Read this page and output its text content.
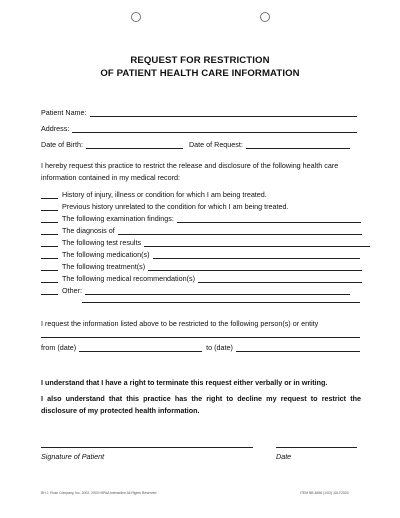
REQUEST FOR RESTRICTION
OF PATIENT HEALTH CARE INFORMATION
Patient Name:
Address:
Date of Birth:	Date of Request:
I hereby request this practice to restrict the release and disclosure of the following health care information contained in my medical record:
History of injury, illness or condition for which I am being treated.
Previous history unrelated to the condition for which I am being treated.
The following examination findings:
The diagnosis of
The following test results
The following medication(s)
The following treatment(s)
The following medical recommendation(s)
Other:
I request the information listed above to be restricted to the following person(s) or entity
from (date)	to (date)
I understand that I have a right to terminate this request either verbally or in writing.
I also understand that this practice has the right to decline my request to restrict the disclosure of my protected health information.
Signature of Patient	Date
BH J. Rose Company, Inc. 2002, 2003 HIPAA Interactive All Rights Reserved	ITEM BB-8456 (1/03) JULY2003
